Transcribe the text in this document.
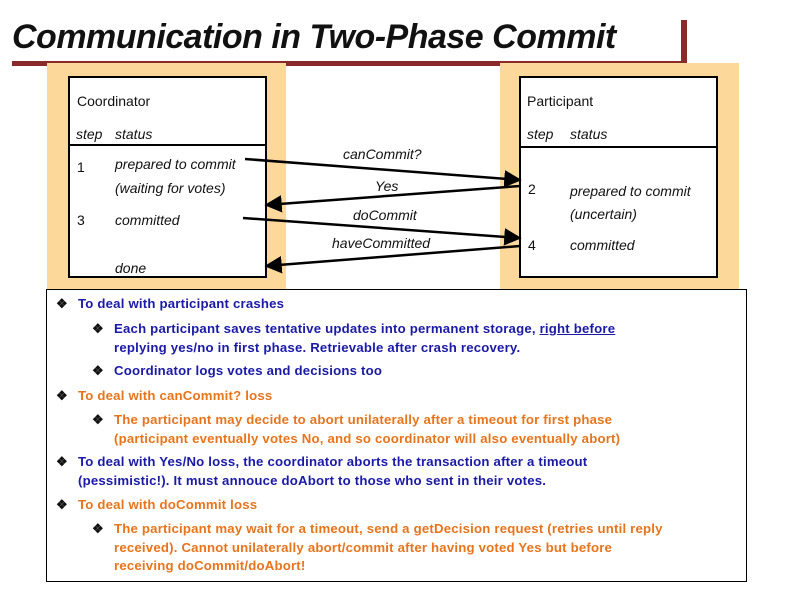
Communication in Two-Phase Commit
Coordinator
step status
1 prepared to commit
(waiting for votes)
3 committed
done
Participant
step status
2 prepared to commit
(uncertain)
4 committed
canCommit?
Yes
doCommit
haveCommitted
❖ To deal with participant crashes
❖ Each participant saves tentative updates into permanent storage, right before
replying yes/no in first phase. Retrievable after crash recovery.
❖ Coordinator logs votes and decisions too
❖ To deal with canCommit? loss
❖ The participant may decide to abort unilaterally after a timeout for first phase
(participant eventually votes No, and so coordinator will also eventually abort)
❖ To deal with Yes/No loss, the coordinator aborts the transaction after a timeout
(pessimistic!). It must annouce doAbort to those who sent in their votes.
❖ To deal with doCommit loss
❖ The participant may wait for a timeout, send a getDecision request (retries until reply
received). Cannot unilaterally abort/commit after having voted Yes but before
receiving doCommit/doAbort!
